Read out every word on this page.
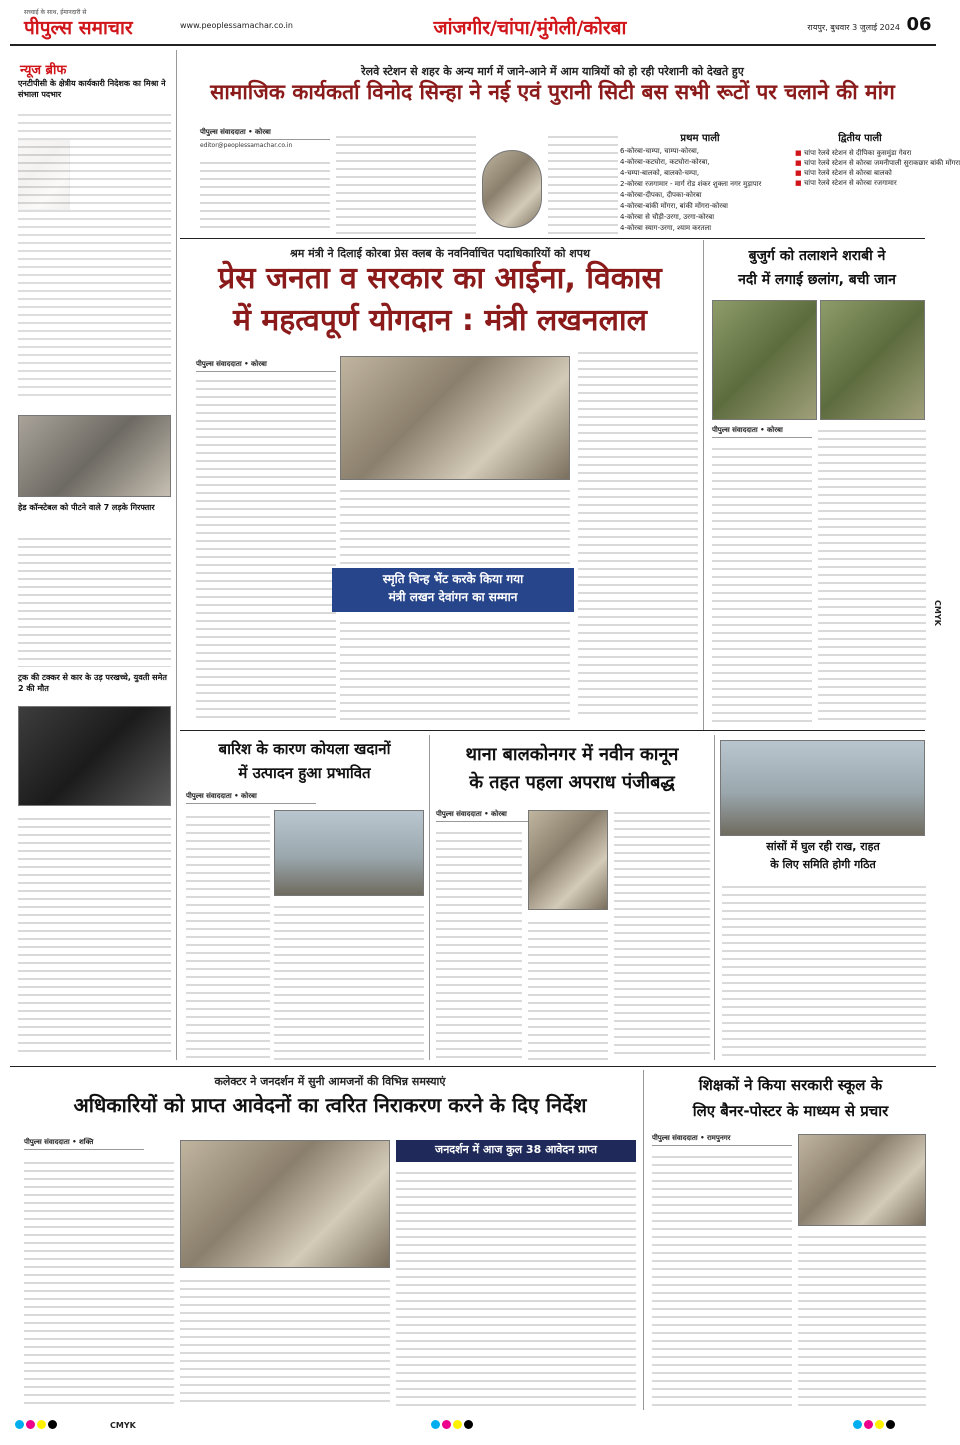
पीपुल्स समाचार
सच्चाई के साथ, ईमानदारी से
www.peoplessamachar.co.in	जांजगीर/चांपा/मुंगेली/कोरबा	रायपुर, बुधवार 3 जुलाई 2024 06
न्यूज ब्रीफ
एनटीपीसी के क्षेत्रीय कार्यकारी निदेशक का मिश्रा ने संभाला पदभार
हेड कॉन्स्टेबल को पीटने वाले 7 लड़के गिरफ्तार
ट्रक की टक्कर से कार के उड़ परखच्चे, युवती समेत 2 की मौत
रेलवे स्टेशन से शहर के अन्य मार्ग में जाने-आने में आम यात्रियों को हो रही परेशानी को देखते हुए
सामाजिक कार्यकर्ता विनोद सिन्हा ने नई एवं पुरानी सिटी बस सभी रूटों पर चलाने की मांग
पीपुल्स संवाददाता • कोरबा
editor@peoplessamachar.co.in
प्रथम पाली
6-कोरबा-चाम्पा, चाम्पा-कोरबा,
4-कोरबा-कटघोरा, कटघोरा-कोरबा,
4-चम्पा-बालको, बालको-चम्पा,
2-कोरबा रजगामार - मार्ग रोड शंकर शुक्ला नगर मुड़ापार
4-कोरबा-दीपका, दीपका-कोरबा
4-कोरबा-बांकी मोंगरा, बांकी मोंगरा-कोरबा
4-कोरबा से चौड़ी-उरगा, उरगा-कोरबा
4-कोरबा स्याग-उरगा, श्याम करतला
द्वितीय पाली
■ चांपा रेलवे स्टेशन से दीपिका कुसमुंडा गेवरा
■ चांपा रेलवे स्टेशन से कोरबा जमनीपाली सुराकछार बांकी मोंगरा
■ चांपा रेलवे स्टेशन से कोरबा बालको
■ चांपा रेलवे स्टेशन से कोरबा रजगामार
श्रम मंत्री ने दिलाई कोरबा प्रेस क्लब के नवनिर्वाचित पदाधिकारियों को शपथ
प्रेस जनता व सरकार का आईना, विकास
में महत्वपूर्ण योगदान : मंत्री लखनलाल
पीपुल्स संवाददाता • कोरबा
स्मृति चिन्ह भेंट करके किया गया
मंत्री लखन देवांगन का सम्मान
बुजुर्ग को तलाशने शराबी ने
नदी में लगाई छलांग, बची जान
पीपुल्स संवाददाता • कोरबा
बारिश के कारण कोयला खदानों
में उत्पादन हुआ प्रभावित
पीपुल्स संवाददाता • कोरबा
थाना बालकोनगर में नवीन कानून
के तहत पहला अपराध पंजीबद्ध
पीपुल्स संवाददाता • कोरबा
सांसों में घुल रही राख, राहत
के लिए समिति होगी गठित
कलेक्टर ने जनदर्शन में सुनी आमजनों की विभिन्न समस्याएं
अधिकारियों को प्राप्त आवेदनों का त्वरित निराकरण करने के दिए निर्देश
पीपुल्स संवाददाता • शक्ति
जनदर्शन में आज कुल 38 आवेदन प्राप्त
शिक्षकों ने किया सरकारी स्कूल के
लिए बैनर-पोस्टर के माध्यम से प्रचार
पीपुल्स संवाददाता • रामपुनगर
CMYK
CMYK
